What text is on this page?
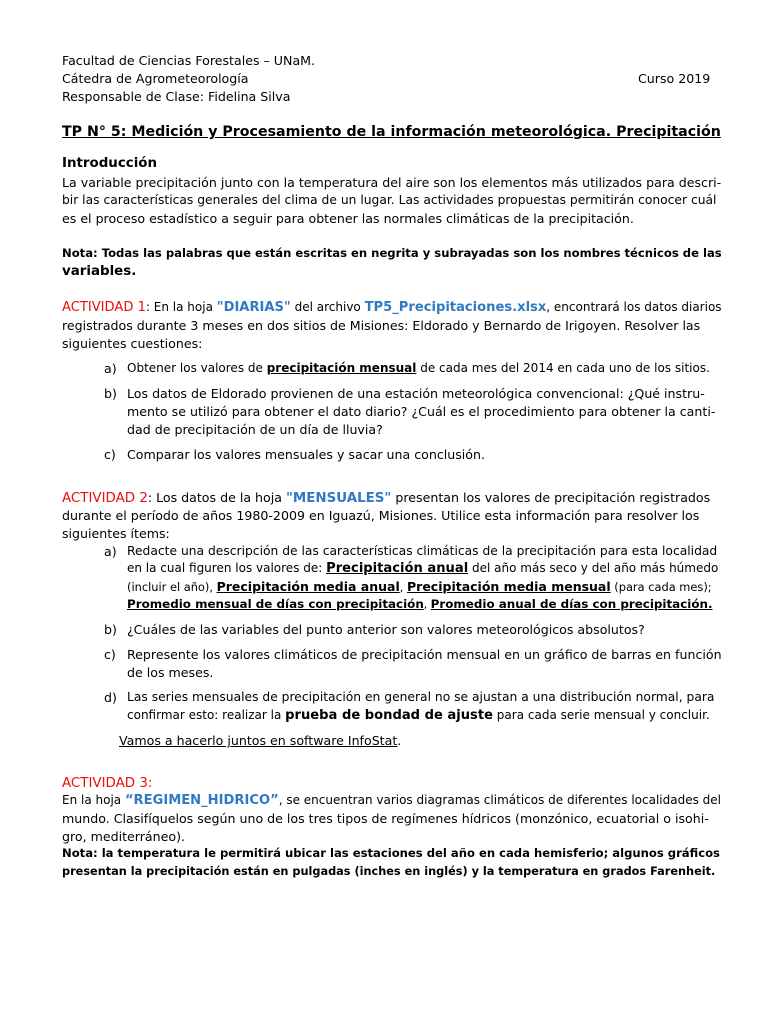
Facultad de Ciencias Forestales – UNaM.
Cátedra de Agrometeorología	Curso 2019
Responsable de Clase: Fidelina Silva
TP N° 5: Medición y Procesamiento de la información meteorológica. Precipitación
Introducción
La variable precipitación junto con la temperatura del aire son los elementos más utilizados para descri-
bir las características generales del clima de un lugar. Las actividades propuestas permitirán conocer cuál
es el proceso estadístico a seguir para obtener las normales climáticas de la precipitación.
Nota: Todas las palabras que están escritas en negrita y subrayadas son los nombres técnicos de las
variables.
ACTIVIDAD 1: En la hoja "DIARIAS" del archivo TP5_Precipitaciones.xlsx, encontrará los datos diarios
registrados durante 3 meses en dos sitios de Misiones: Eldorado y Bernardo de Irigoyen. Resolver las
siguientes cuestiones:
a) Obtener los valores de precipitación mensual de cada mes del 2014 en cada uno de los sitios.
b) Los datos de Eldorado provienen de una estación meteorológica convencional: ¿Qué instru-
mento se utilizó para obtener el dato diario? ¿Cuál es el procedimiento para obtener la canti-
dad de precipitación de un día de lluvia?
c) Comparar los valores mensuales y sacar una conclusión.
ACTIVIDAD 2: Los datos de la hoja "MENSUALES" presentan los valores de precipitación registrados
durante el período de años 1980-2009 en Iguazú, Misiones. Utilice esta información para resolver los
siguientes ítems:
a) Redacte una descripción de las características climáticas de la precipitación para esta localidad
en la cual figuren los valores de: Precipitación anual del año más seco y del año más húmedo
(incluir el año), Precipitación media anual, Precipitación media mensual (para cada mes);
Promedio mensual de días con precipitación, Promedio anual de días con precipitación.
b) ¿Cuáles de las variables del punto anterior son valores meteorológicos absolutos?
c) Represente los valores climáticos de precipitación mensual en un gráfico de barras en función
de los meses.
d) Las series mensuales de precipitación en general no se ajustan a una distribución normal, para
confirmar esto: realizar la prueba de bondad de ajuste para cada serie mensual y concluir.
Vamos a hacerlo juntos en software InfoStat.
ACTIVIDAD 3:
En la hoja “REGIMEN_HIDRICO”, se encuentran varios diagramas climáticos de diferentes localidades del
mundo. Clasifíquelos según uno de los tres tipos de regímenes hídricos (monzónico, ecuatorial o isohi-
gro, mediterráneo).
Nota: la temperatura le permitirá ubicar las estaciones del año en cada hemisferio; algunos gráficos
presentan la precipitación están en pulgadas (inches en inglés) y la temperatura en grados Farenheit.
